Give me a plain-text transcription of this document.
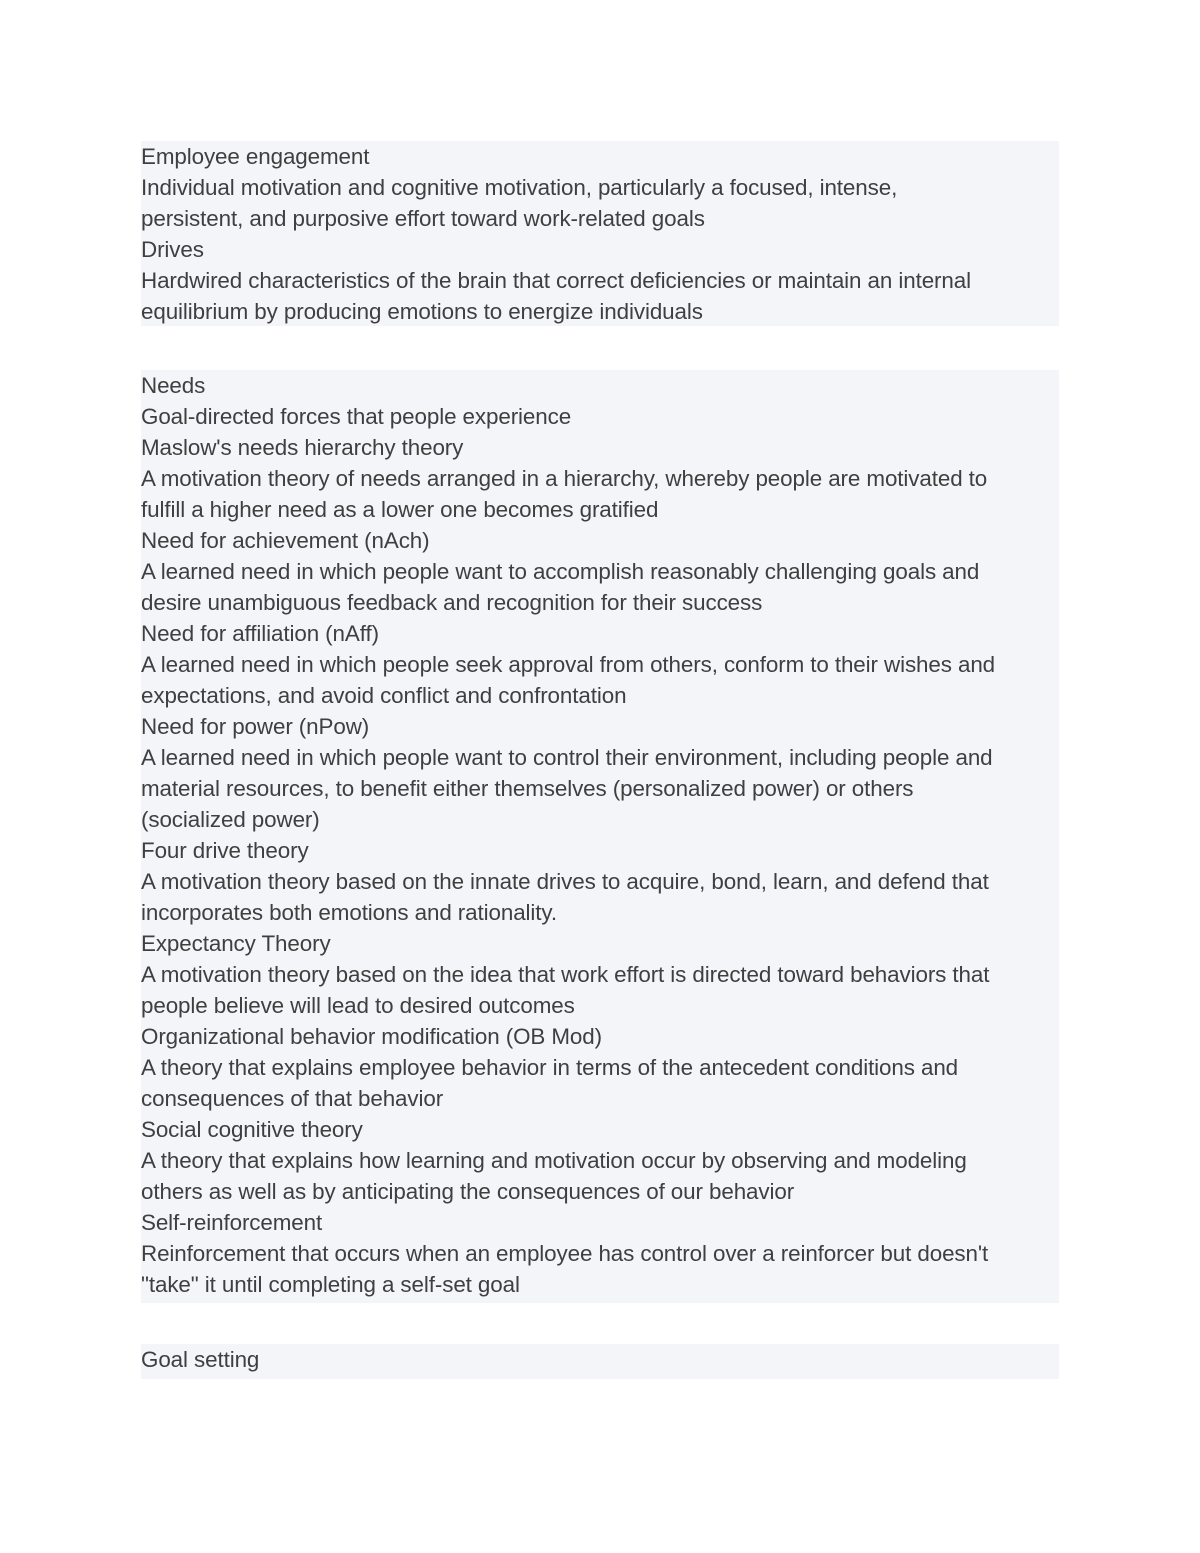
Employee engagement

Individual motivation and cognitive motivation, particularly a focused, intense,

persistent, and purposive effort toward work-related goals

Drives

Hardwired characteristics of the brain that correct deficiencies or maintain an internal

equilibrium by producing emotions to energize individuals

Needs

Goal-directed forces that people experience

Maslow's needs hierarchy theory

A motivation theory of needs arranged in a hierarchy, whereby people are motivated to

fulfill a higher need as a lower one becomes gratified

Need for achievement (nAch)

A learned need in which people want to accomplish reasonably challenging goals and

desire unambiguous feedback and recognition for their success

Need for affiliation (nAff)

A learned need in which people seek approval from others, conform to their wishes and

expectations, and avoid conflict and confrontation

Need for power (nPow)

A learned need in which people want to control their environment, including people and

material resources, to benefit either themselves (personalized power) or others

(socialized power)

Four drive theory

A motivation theory based on the innate drives to acquire, bond, learn, and defend that

incorporates both emotions and rationality.

Expectancy Theory

A motivation theory based on the idea that work effort is directed toward behaviors that

people believe will lead to desired outcomes

Organizational behavior modification (OB Mod)

A theory that explains employee behavior in terms of the antecedent conditions and

consequences of that behavior

Social cognitive theory

A theory that explains how learning and motivation occur by observing and modeling

others as well as by anticipating the consequences of our behavior

Self-reinforcement

Reinforcement that occurs when an employee has control over a reinforcer but doesn't

"take" it until completing a self-set goal

Goal setting
